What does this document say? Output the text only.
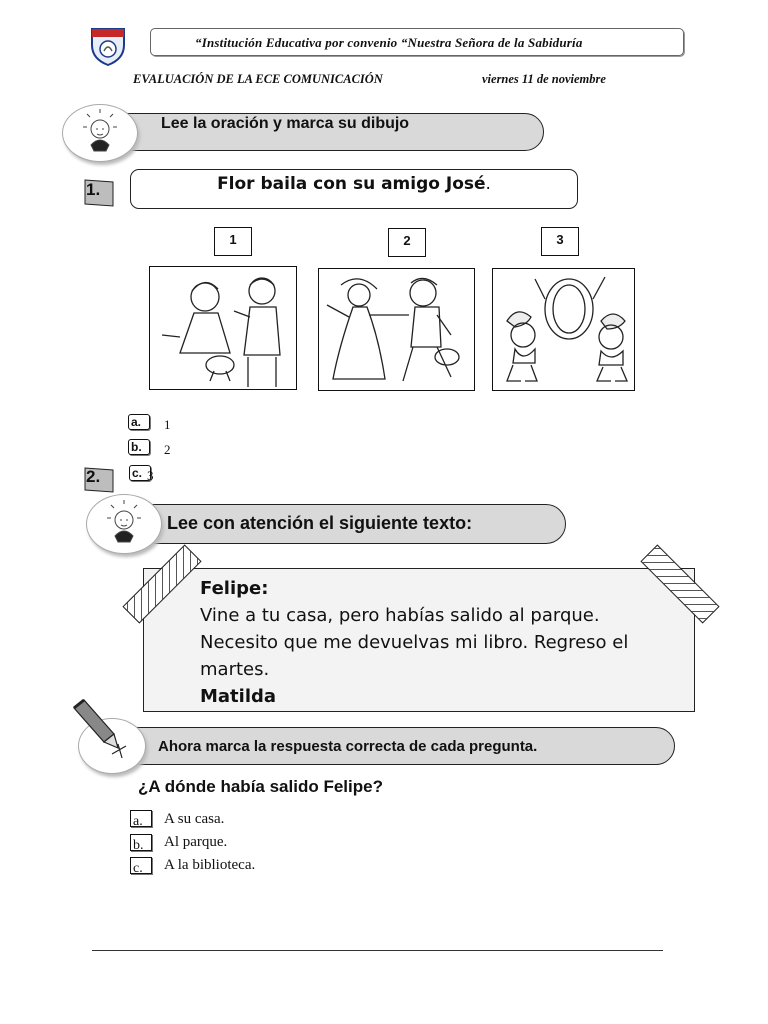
“Institución Educativa por convenio “Nuestra Señora de la Sabiduría
EVALUACIÓN DE LA ECE COMUNICACIÓN	viernes 11 de noviembre
Lee la oración y marca su dibujo
1.	Flor baila con su amigo José.
1	2	3
a.	1
b.	2
c. 3
2.
Lee con atención el siguiente texto:
Felipe:
Vine a tu casa, pero habías salido al parque.
Necesito que me devuelvas mi libro. Regreso el
martes.
Matilda
Ahora marca la respuesta correcta de cada pregunta.
¿A dónde había salido Felipe?
a.	A su casa.
b.	Al parque.
c.	A la biblioteca.
